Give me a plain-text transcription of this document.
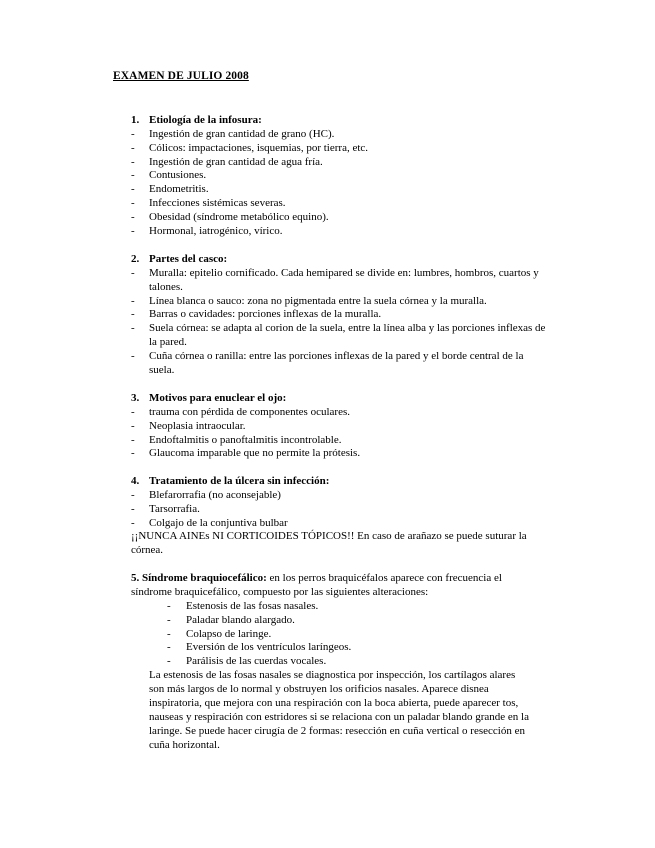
EXAMEN DE JULIO 2008
1. Etiología de la infosura:
- Ingestión de gran cantidad de grano (HC).
- Cólicos: impactaciones, isquemias, por tierra, etc.
- Ingestión de gran cantidad de agua fría.
- Contusiones.
- Endometritis.
- Infecciones sistémicas severas.
- Obesidad (síndrome metabólico equino).
- Hormonal, iatrogénico, vírico.
2. Partes del casco:
- Muralla: epitelio cornificado. Cada hemipared se divide en: lumbres, hombros, cuartos y talones.
- Línea blanca o sauco: zona no pigmentada entre la suela córnea y la muralla.
- Barras o cavidades: porciones inflexas de la muralla.
- Suela córnea: se adapta al corion de la suela, entre la línea alba y las porciones inflexas de la pared.
- Cuña córnea o ranilla: entre las porciones inflexas de la pared y el borde central de la suela.
3. Motivos para enuclear el ojo:
- trauma con pérdida de componentes oculares.
- Neoplasia intraocular.
- Endoftalmitis o panoftalmitis incontrolable.
- Glaucoma imparable que no permite la prótesis.
4. Tratamiento de la úlcera sin infección:
- Blefarorrafia (no aconsejable)
- Tarsorrafia.
- Colgajo de la conjuntiva bulbar
¡¡NUNCA AINEs NI CORTICOIDES TÓPICOS!! En caso de arañazo se puede suturar la córnea.
5. Síndrome braquiocefálico: en los perros braquicéfalos aparece con frecuencia el síndrome braquicefálico, compuesto por las siguientes alteraciones:
- Estenosis de las fosas nasales.
- Paladar blando alargado.
- Colapso de laringe.
- Eversión de los ventrículos laríngeos.
- Parálisis de las cuerdas vocales.
La estenosis de las fosas nasales se diagnostica por inspección, los cartílagos alares son más largos de lo normal y obstruyen los orificios nasales. Aparece disnea inspiratoria, que mejora con una respiración con la boca abierta, puede aparecer tos, nauseas y respiración con estridores si se relaciona con un paladar blando grande en la laringe. Se puede hacer cirugía de 2 formas: resección en cuña vertical o resección en cuña horizontal.
